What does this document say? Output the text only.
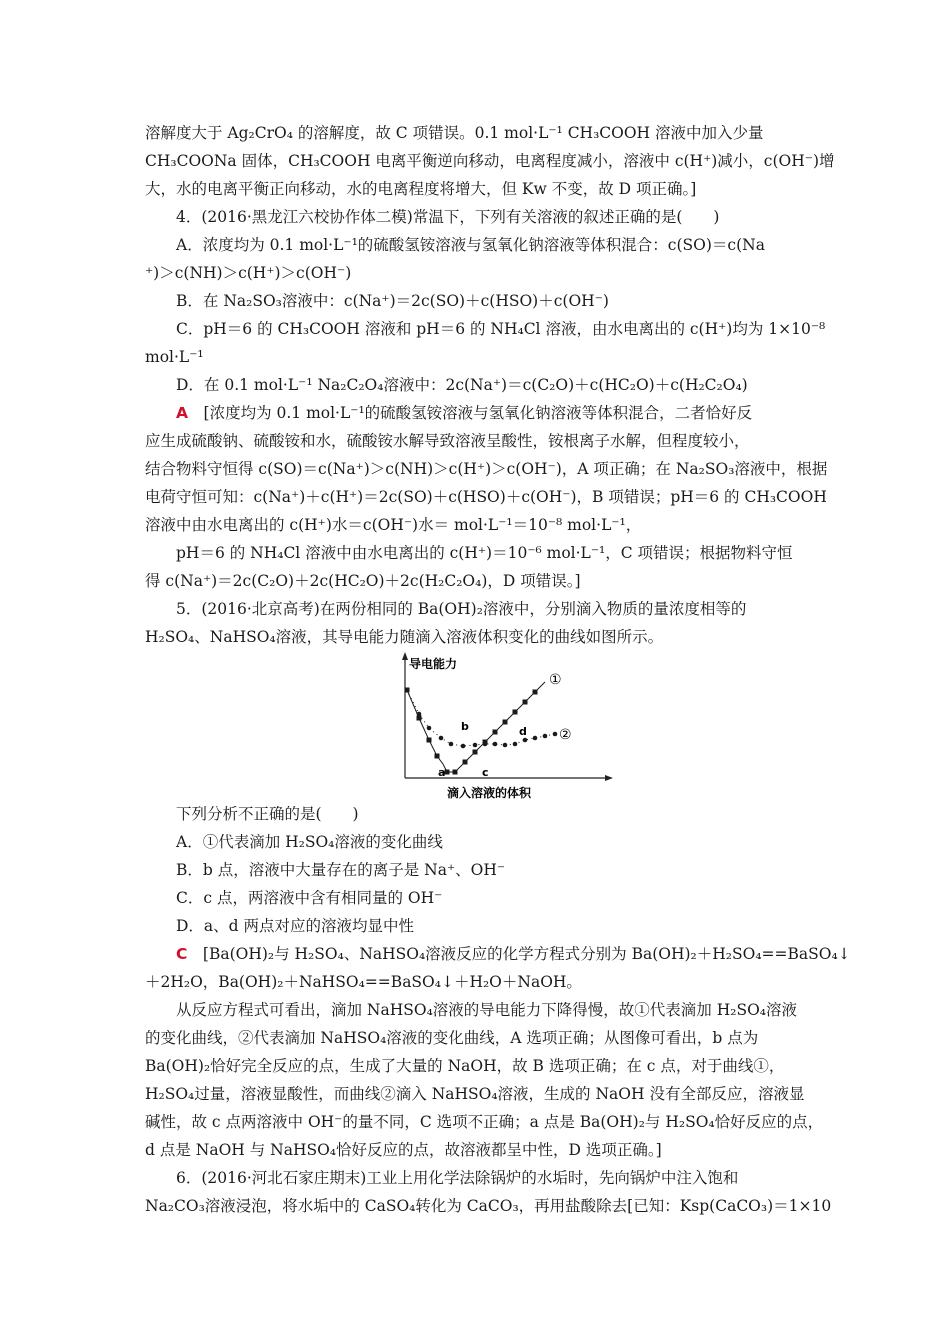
溶解度大于 Ag₂CrO₄ 的溶解度，故 C 项错误。0.1 mol·L⁻¹ CH₃COOH 溶液中加入少量
CH₃COONa 固体，CH₃COOH 电离平衡逆向移动，电离程度减小，溶液中 c(H⁺)减小，c(OH⁻)增
大，水的电离平衡正向移动，水的电离程度将增大，但 Kw 不变，故 D 项正确。]
4．(2016·黑龙江六校协作体二模)常温下，下列有关溶液的叙述正确的是(　　)
A．浓度均为 0.1 mol·L⁻¹的硫酸氢铵溶液与氢氧化钠溶液等体积混合：c(SO)＝c(Na
⁺)＞c(NH)＞c(H⁺)＞c(OH⁻)
B．在 Na₂SO₃溶液中：c(Na⁺)＝2c(SO)＋c(HSO)＋c(OH⁻)
C．pH＝6 的 CH₃COOH 溶液和 pH＝6 的 NH₄Cl 溶液，由水电离出的 c(H⁺)均为 1×10⁻⁸
mol·L⁻¹
D．在 0.1 mol·L⁻¹ Na₂C₂O₄溶液中：2c(Na⁺)＝c(C₂O)＋c(HC₂O)＋c(H₂C₂O₄)
A　 [浓度均为 0.1 mol·L⁻¹的硫酸氢铵溶液与氢氧化钠溶液等体积混合，二者恰好反
应生成硫酸钠、硫酸铵和水，硫酸铵水解导致溶液呈酸性，铵根离子水解，但程度较小，
结合物料守恒得 c(SO)＝c(Na⁺)＞c(NH)＞c(H⁺)＞c(OH⁻)，A 项正确；在 Na₂SO₃溶液中，根据
电荷守恒可知：c(Na⁺)＋c(H⁺)＝2c(SO)＋c(HSO)＋c(OH⁻)，B 项错误；pH＝6 的 CH₃COOH
溶液中由水电离出的 c(H⁺)水＝c(OH⁻)水＝ mol·L⁻¹＝10⁻⁸ mol·L⁻¹，
pH＝6 的 NH₄Cl 溶液中由水电离出的 c(H⁺)＝10⁻⁶ mol·L⁻¹，C 项错误；根据物料守恒
得 c(Na⁺)＝2c(C₂O)＋2c(HC₂O)＋2c(H₂C₂O₄)，D 项错误。]
5．(2016·北京高考)在两份相同的 Ba(OH)₂溶液中，分别滴入物质的量浓度相等的
H₂SO₄、NaHSO₄溶液，其导电能力随滴入溶液体积变化的曲线如图所示。
导电能力
滴入溶液的体积
①
②
a
b
c
d
下列分析不正确的是(　　)
A．①代表滴加 H₂SO₄溶液的变化曲线
B．b 点，溶液中大量存在的离子是 Na⁺、OH⁻
C．c 点，两溶液中含有相同量的 OH⁻
D．a、d 两点对应的溶液均显中性
C　 [Ba(OH)₂与 H₂SO₄、NaHSO₄溶液反应的化学方程式分别为 Ba(OH)₂＋H₂SO₄==BaSO₄↓
＋2H₂O，Ba(OH)₂＋NaHSO₄==BaSO₄↓＋H₂O＋NaOH。
从反应方程式可看出，滴加 NaHSO₄溶液的导电能力下降得慢，故①代表滴加 H₂SO₄溶液
的变化曲线，②代表滴加 NaHSO₄溶液的变化曲线，A 选项正确；从图像可看出，b 点为
Ba(OH)₂恰好完全反应的点，生成了大量的 NaOH，故 B 选项正确；在 c 点，对于曲线①，
H₂SO₄过量，溶液显酸性，而曲线②滴入 NaHSO₄溶液，生成的 NaOH 没有全部反应，溶液显
碱性，故 c 点两溶液中 OH⁻的量不同，C 选项不正确；a 点是 Ba(OH)₂与 H₂SO₄恰好反应的点，
d 点是 NaOH 与 NaHSO₄恰好反应的点，故溶液都呈中性，D 选项正确。]
6．(2016·河北石家庄期末)工业上用化学法除锅炉的水垢时，先向锅炉中注入饱和
Na₂CO₃溶液浸泡，将水垢中的 CaSO₄转化为 CaCO₃，再用盐酸除去[已知：Ksp(CaCO₃)＝1×10
